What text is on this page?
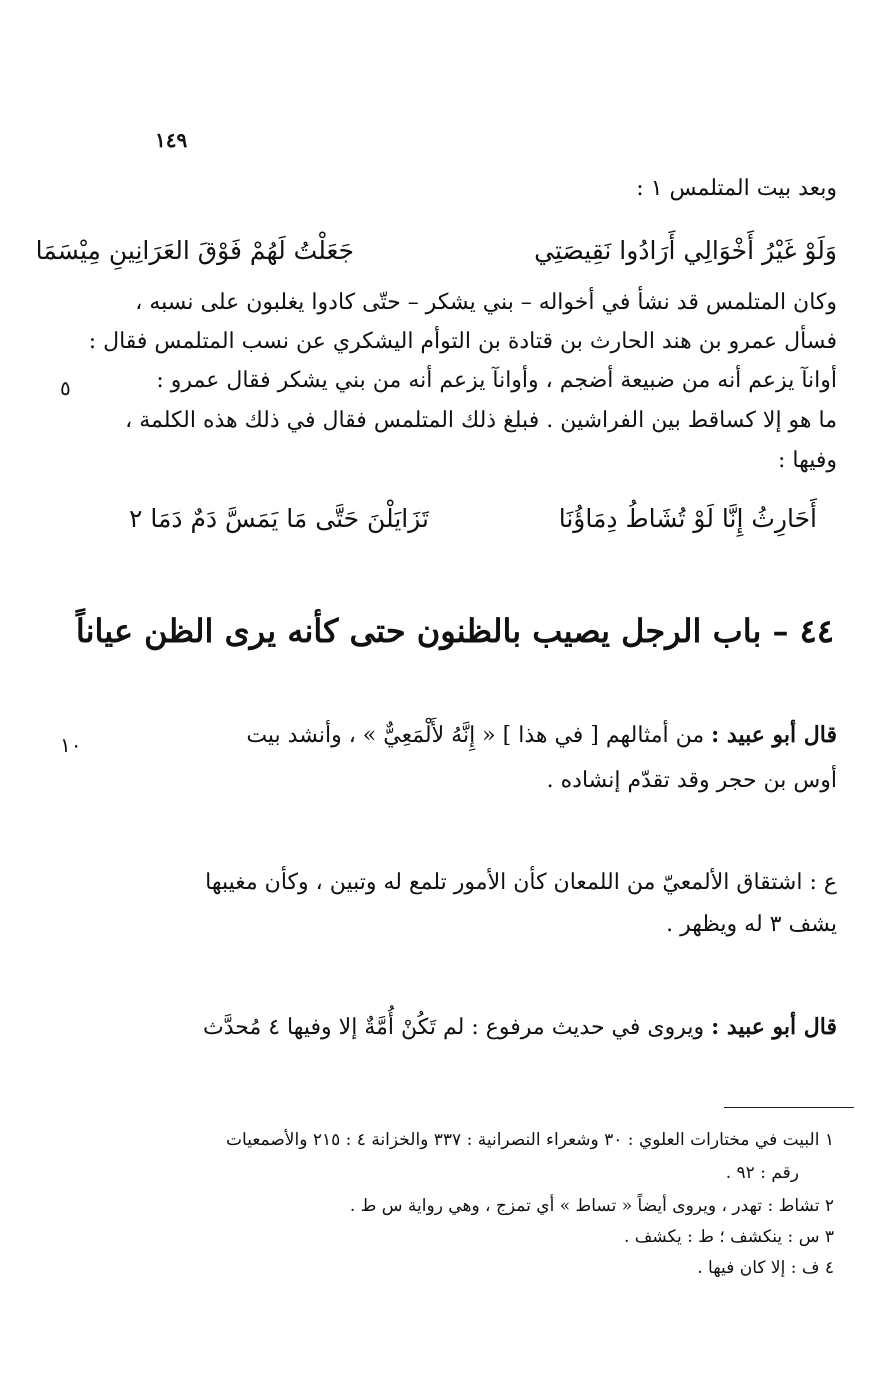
١٤٩
وبعد بيت المتلمس ١ :
وَلَوْ غَيْرُ أَخْوَالِي أَرَادُوا نَقِيصَتِي
جَعَلْتُ لَهُمْ فَوْقَ العَرَانِينِ مِيْسَمَا
وكان المتلمس قد نشأ في أخواله – بني يشكر – حتّى كادوا يغلبون على نسبه ،
فسأل عمرو بن هند الحارث بن قتادة بن التوأم اليشكري عن نسب المتلمس فقال :
أوانآ يزعم أنه من ضبيعة أضجم ، وأوانآ يزعم أنه من بني يشكر فقال عمرو :
ما هو إلا كساقط بين الفراشين . فبلغ ذلك المتلمس فقال في ذلك هذه الكلمة ،
وفيها :
٥
أَحَارِثُ إِنَّا لَوْ تُشَاطُ دِمَاؤُنَا
تَزَايَلْنَ حَتَّى مَا يَمَسَّ دَمٌ دَمَا ٢
٤٤ – باب الرجل يصيب بالظنون حتى كأنه يرى الظن عياناً
قال أبو عبيد : من أمثالهم [ في هذا ] « إِنَّهُ لأَلْمَعِيٌّ » ، وأنشد بيت
أوس بن حجر وقد تقدّم إنشاده .
١٠
ع : اشتقاق الألمعيّ من اللمعان كأن الأمور تلمع له وتبين ، وكأن مغيبها
يشف ٣ له ويظهر .
قال أبو عبيد : ويروى في حديث مرفوع : لم تَكُنْ أُمَّةٌ إلا وفيها ٤ مُحدَّث
١ البيت في مختارات العلوي : ٣٠ وشعراء النصرانية : ٣٣٧ والخزانة ٤ : ٢١٥ والأصمعيات
رقم : ٩٢ .
٢ تشاط : تهدر ، ويروى أيضاً « تساط » أي تمزج ، وهي رواية س ط .
٣ س : ينكشف ؛ ط : يكشف .
٤ ف : إلا كان فيها .
